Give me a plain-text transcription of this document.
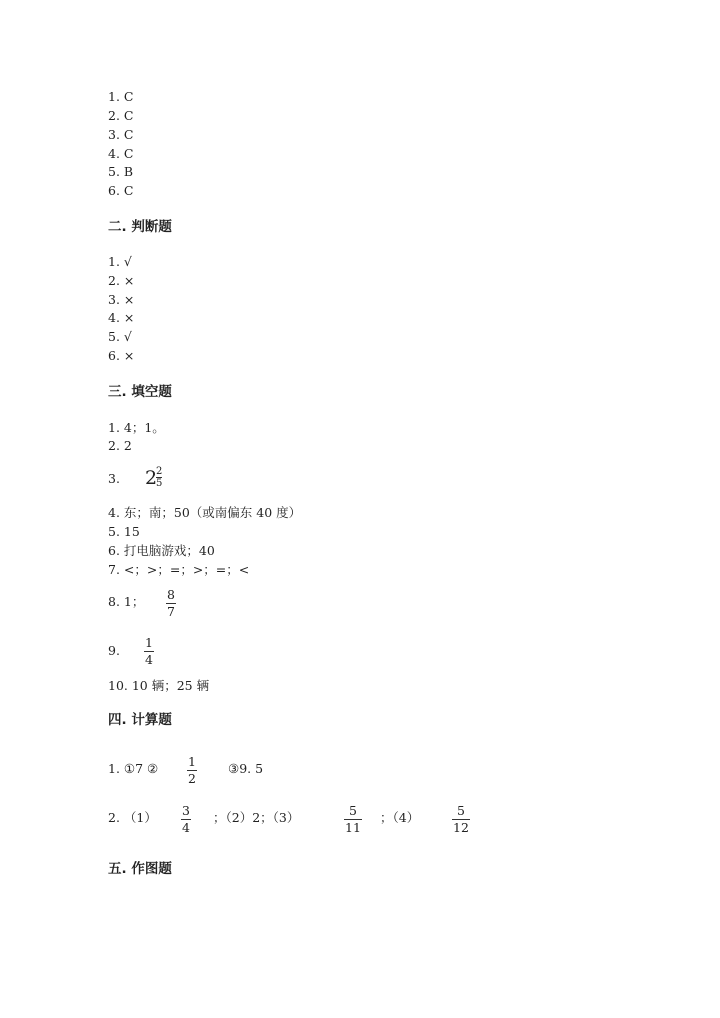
1. C
2. C
3. C
4. C
5. B
6. C
二. 判断题
1. √
2. ×
3. ×
4. ×
5. √
6. ×
三. 填空题
1. 4；1。
2. 2
3. 2
2
5
4. 东；南；50（或南偏东 40 度）
5. 15
6. 打电脑游戏；40
7. <；>；=；>；=；<
8. 1； 8
7
9.
1
4
10. 10 辆；25 辆
四. 计算题
1. ①7 ② 1
2
③9. 5
2. （1） 3
4
；（2）2；（3）	5
11
；（4）	5
12
五. 作图题
